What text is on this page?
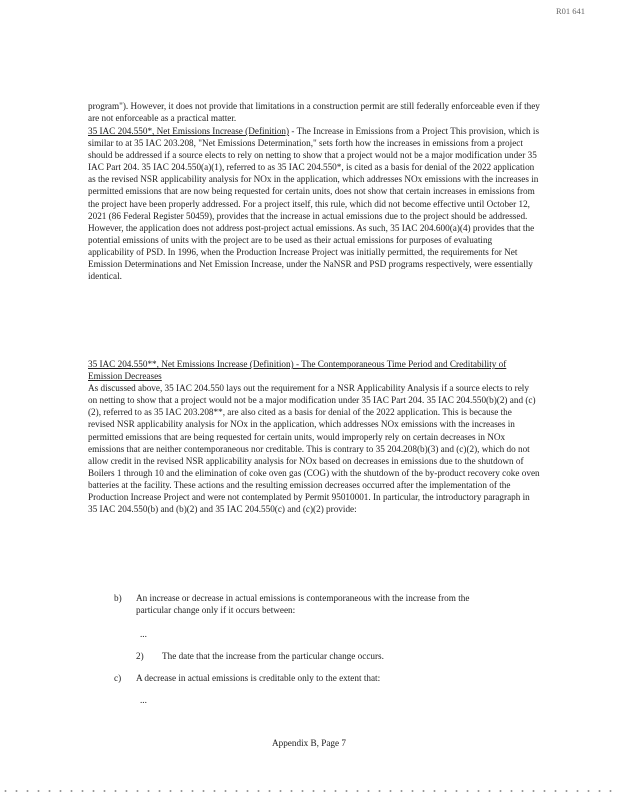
R01 641
program"). However, it does not provide that limitations in a construction permit are still federally enforceable even if they are not enforceable as a practical matter.
35 IAC 204.550*, Net Emissions Increase (Definition) - The Increase in Emissions from a Project This provision, which is similar to at 35 IAC 203.208, "Net Emissions Determination," sets forth how the increases in emissions from a project should be addressed if a source elects to rely on netting to show that a project would not be a major modification under 35 IAC Part 204. 35 IAC 204.550(a)(1), referred to as 35 IAC 204.550*, is cited as a basis for denial of the 2022 application as the revised NSR applicability analysis for NOx in the application, which addresses NOx emissions with the increases in permitted emissions that are now being requested for certain units, does not show that certain increases in emissions from the project have been properly addressed. For a project itself, this rule, which did not become effective until October 12, 2021 (86 Federal Register 50459), provides that the increase in actual emissions due to the project should be addressed. However, the application does not address post-project actual emissions. As such, 35 IAC 204.600(a)(4) provides that the potential emissions of units with the project are to be used as their actual emissions for purposes of evaluating applicability of PSD. In 1996, when the Production Increase Project was initially permitted, the requirements for Net Emission Determinations and Net Emission Increase, under the NaNSR and PSD programs respectively, were essentially identical.
35 IAC 204.550**, Net Emissions Increase (Definition) - The Contemporaneous Time Period and Creditability of Emission Decreases
As discussed above, 35 IAC 204.550 lays out the requirement for a NSR Applicability Analysis if a source elects to rely on netting to show that a project would not be a major modification under 35 IAC Part 204. 35 IAC 204.550(b)(2) and (c)(2), referred to as 35 IAC 203.208**, are also cited as a basis for denial of the 2022 application. This is because the revised NSR applicability analysis for NOx in the application, which addresses NOx emissions with the increases in permitted emissions that are being requested for certain units, would improperly rely on certain decreases in NOx emissions that are neither contemporaneous nor creditable. This is contrary to 35 204.208(b)(3) and (c)(2), which do not allow credit in the revised NSR applicability analysis for NOx based on decreases in emissions due to the shutdown of Boilers 1 through 10 and the elimination of coke oven gas (COG) with the shutdown of the by-product recovery coke oven batteries at the facility. These actions and the resulting emission decreases occurred after the implementation of the Production Increase Project and were not contemplated by Permit 95010001. In particular, the introductory paragraph in 35 IAC 204.550(b) and (b)(2) and 35 IAC 204.550(c) and (c)(2) provide:
b) An increase or decrease in actual emissions is contemporaneous with the increase from the particular change only if it occurs between:
...
2) The date that the increase from the particular change occurs.
c) A decrease in actual emissions is creditable only to the extent that:
...
Appendix B, Page 7
